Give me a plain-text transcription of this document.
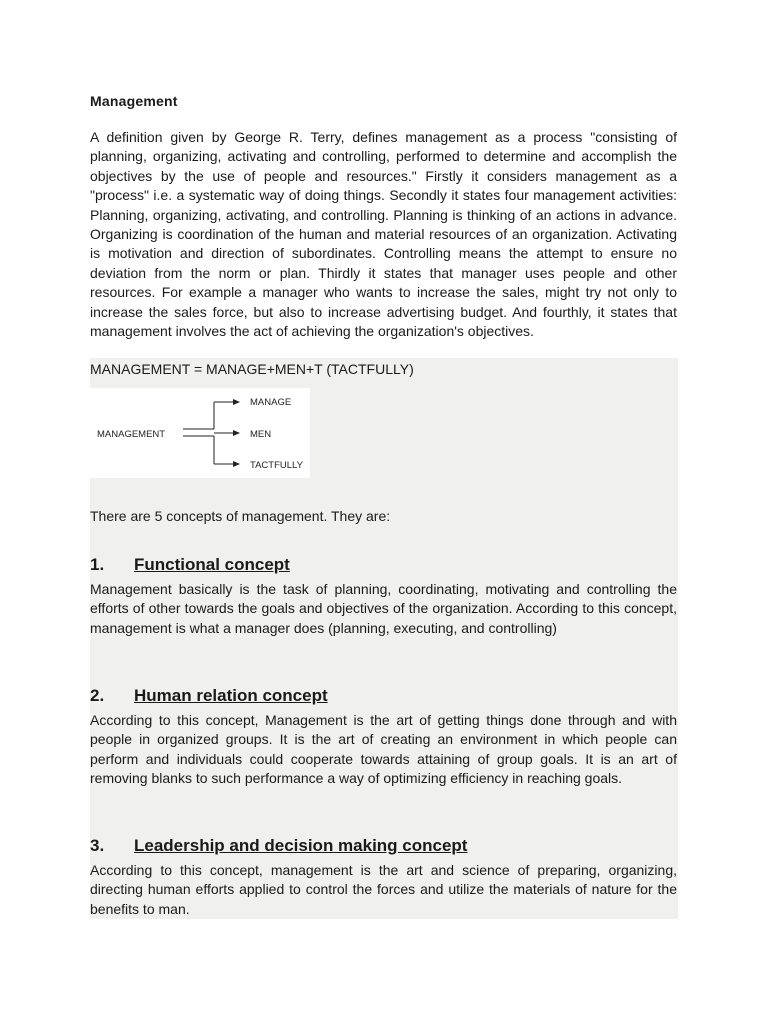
Management

A definition given by George R. Terry, defines management as a process "consisting of planning, organizing, activating and controlling, performed to determine and accomplish the objectives by the use of people and resources." Firstly it considers management as a "process" i.e. a systematic way of doing things. Secondly it states four management activities: Planning, organizing, activating, and controlling. Planning is thinking of an actions in advance. Organizing is coordination of the human and material resources of an organization. Activating is motivation and direction of subordinates. Controlling means the attempt to ensure no deviation from the norm or plan. Thirdly it states that manager uses people and other resources. For example a manager who wants to increase the sales, might try not only to increase the sales force, but also to increase advertising budget. And fourthly, it states that management involves the act of achieving the organization's objectives.

MANAGEMENT = MANAGE+MEN+T (TACTFULLY)
MANAGEMENT
MANAGE
MEN
TACTFULLY
There are 5 concepts of management. They are:
1. Functional concept

Management basically is the task of planning, coordinating, motivating and controlling the efforts of other towards the goals and objectives of the organization. According to this concept, management is what a manager does (planning, executing, and controlling)

2. Human relation concept

According to this concept, Management is the art of getting things done through and with people in organized groups. It is the art of creating an environment in which people can perform and individuals could cooperate towards attaining of group goals. It is an art of removing blanks to such performance a way of optimizing efficiency in reaching goals.

3. Leadership and decision making concept

According to this concept, management is the art and science of preparing, organizing, directing human efforts applied to control the forces and utilize the materials of nature for the benefits to man.
